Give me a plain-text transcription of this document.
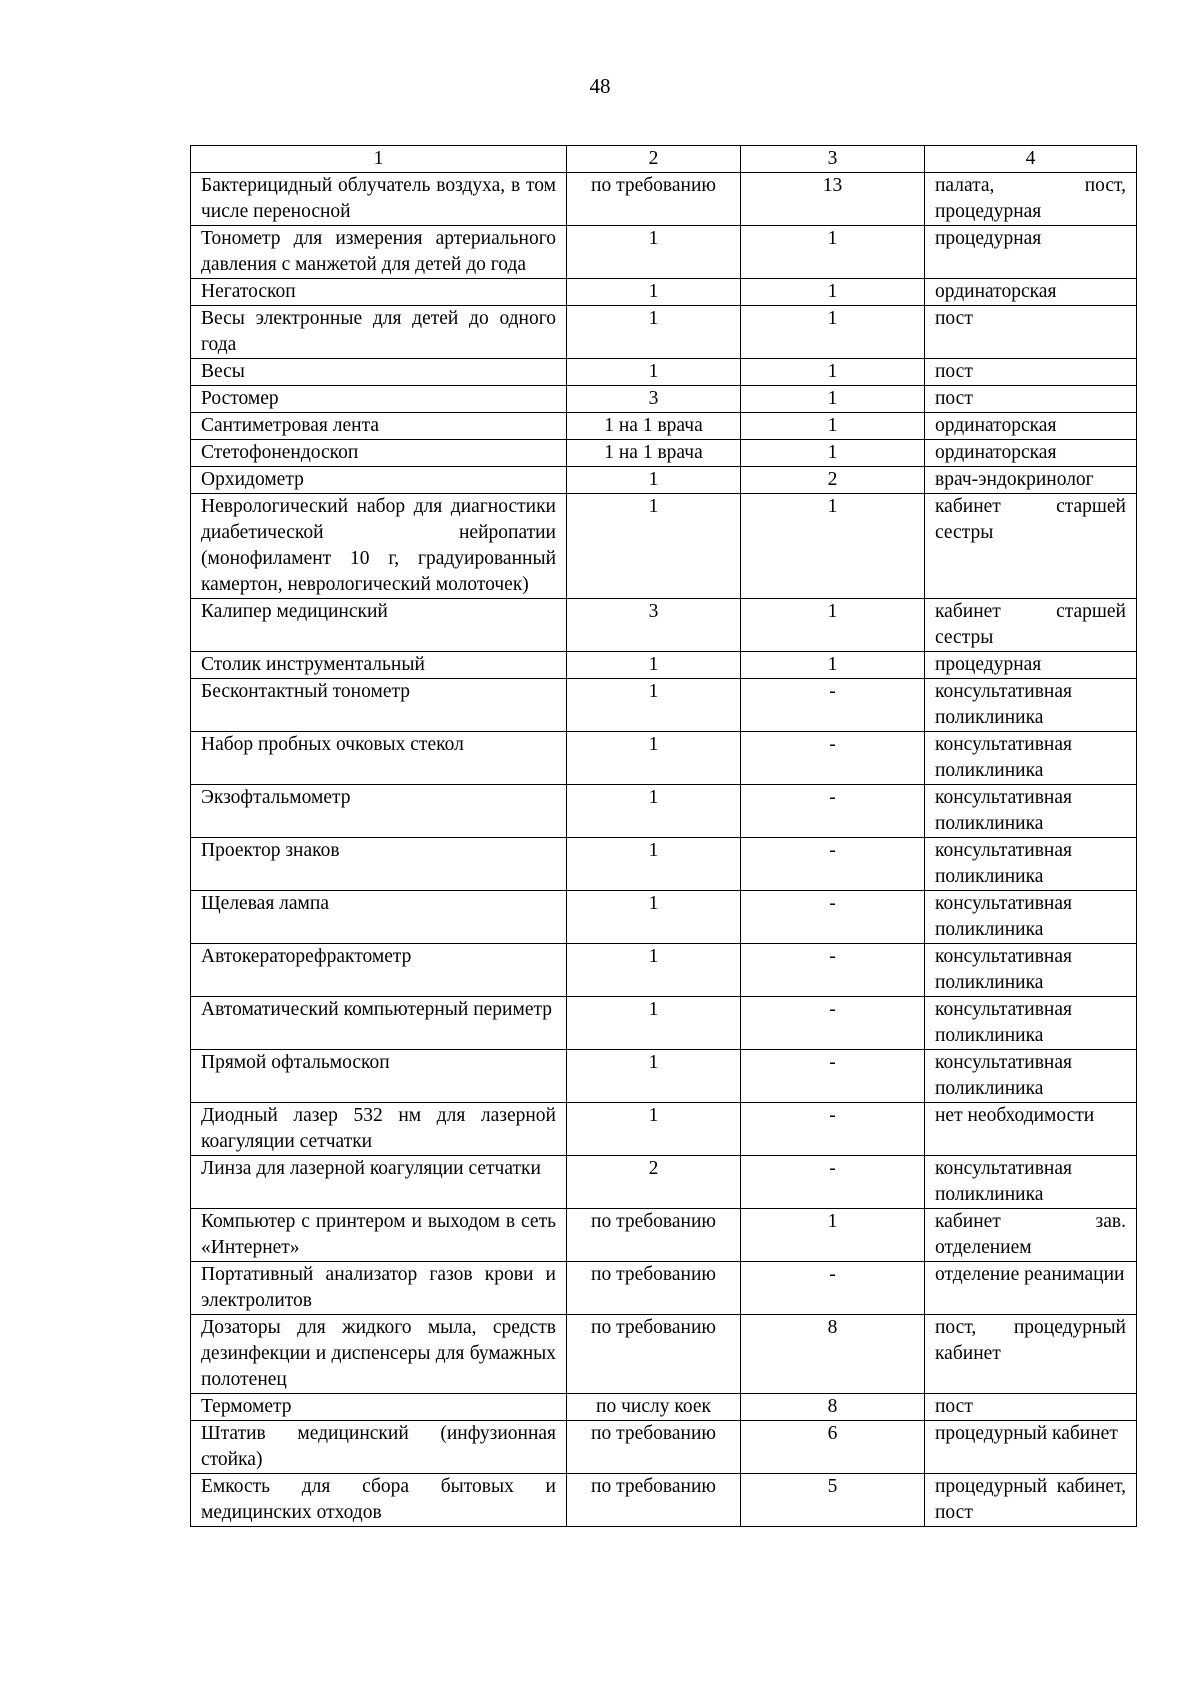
48
1	2	3	4
Бактерицидный облучатель воздуха, в том числе переносной	по требованию	13	палата, пост, процедурная
Тонометр для измерения артериального давления с манжетой для детей до года	1	1	процедурная
Негатоскоп	1	1	ординаторская
Весы электронные для детей до одного года	1	1	пост
Весы	1	1	пост
Ростомер	3	1	пост
Сантиметровая лента	1 на 1 врача	1	ординаторская
Стетофонендоскоп	1 на 1 врача	1	ординаторская
Орхидометр	1	2	врач-эндокринолог
Неврологический набор для диагностики диабетической нейропатии (монофиламент 10 г, градуированный камертон, неврологический молоточек)	1	1	кабинет старшей сестры
Калипер медицинский	3	1	кабинет старшей сестры
Столик инструментальный	1	1	процедурная
Бесконтактный тонометр	1	-	консультативная поликлиника
Набор пробных очковых стекол	1	-	консультативная поликлиника
Экзофтальмометр	1	-	консультативная поликлиника
Проектор знаков	1	-	консультативная поликлиника
Щелевая лампа	1	-	консультативная поликлиника
Автокераторефрактометр	1	-	консультативная поликлиника
Автоматический компьютерный периметр	1	-	консультативная поликлиника
Прямой офтальмоскоп	1	-	консультативная поликлиника
Диодный лазер 532 нм для лазерной коагуляции сетчатки	1	-	нет необходимости
Линза для лазерной коагуляции сетчатки	2	-	консультативная поликлиника
Компьютер с принтером и выходом в сеть «Интернет»	по требованию	1	кабинет зав. отделением
Портативный анализатор газов крови и электролитов	по требованию	-	отделение реанимации
Дозаторы для жидкого мыла, средств дезинфекции и диспенсеры для бумажных полотенец	по требованию	8	пост, процедурный кабинет
Термометр	по числу коек	8	пост
Штатив медицинский (инфузионная стойка)	по требованию	6	процедурный кабинет
Емкость для сбора бытовых и медицинских отходов	по требованию	5	процедурный кабинет, пост
